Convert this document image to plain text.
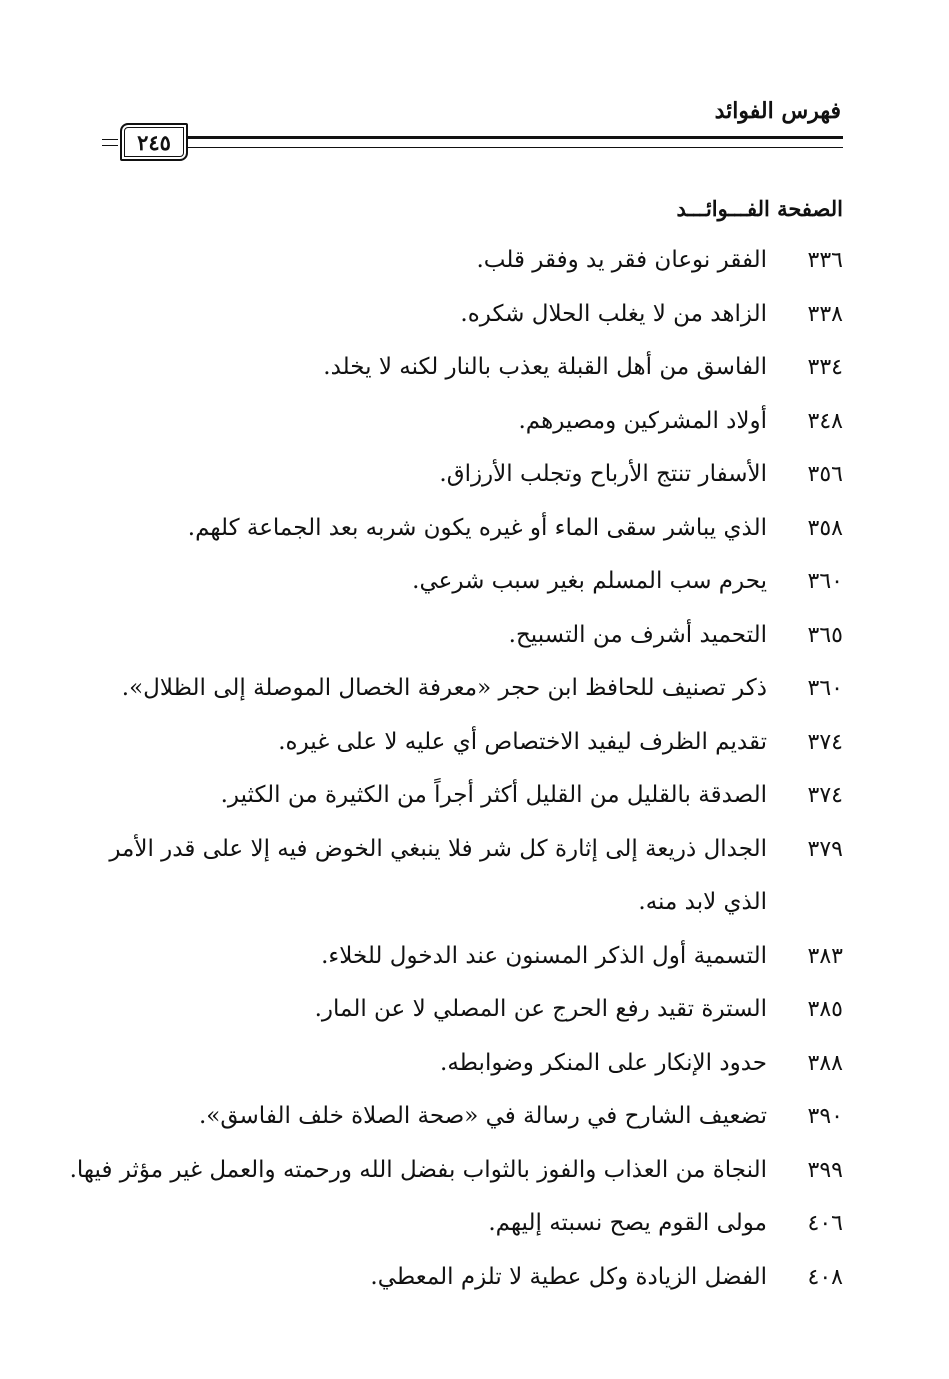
فهرس الفوائد
٢٤٥
الصفحة الفـــوائـــد
٣٣٦
الفقر نوعان فقر يد وفقر قلب.
٣٣٨
الزاهد من لا يغلب الحلال شكره.
٣٣٤
الفاسق من أهل القبلة يعذب بالنار لكنه لا يخلد.
٣٤٨
أولاد المشركين ومصيرهم.
٣٥٦
الأسفار تنتج الأرباح وتجلب الأرزاق.
٣٥٨
الذي يباشر سقى الماء أو غيره يكون شربه بعد الجماعة كلهم.
٣٦٠
يحرم سب المسلم بغير سبب شرعي.
٣٦٥
التحميد أشرف من التسبيح.
٣٦٠
ذكر تصنيف للحافظ ابن حجر «معرفة الخصال الموصلة إلى الظلال».
٣٧٤
تقديم الظرف ليفيد الاختصاص أي عليه لا على غيره.
٣٧٤
الصدقة بالقليل من القليل أكثر أجراً من الكثيرة من الكثير.
٣٧٩
الجدال ذريعة إلى إثارة كل شر فلا ينبغي الخوض فيه إلا على قدر الأمر الذي لابد منه.
٣٨٣
التسمية أول الذكر المسنون عند الدخول للخلاء.
٣٨٥
السترة تقيد رفع الحرج عن المصلي لا عن المار.
٣٨٨
حدود الإنكار على المنكر وضوابطه.
٣٩٠
تضعيف الشارح في رسالة في «صحة الصلاة خلف الفاسق».
٣٩٩
النجاة من العذاب والفوز بالثواب بفضل الله ورحمته والعمل غير مؤثر فيها.
٤٠٦
مولى القوم يصح نسبته إليهم.
٤٠٨
الفضل الزيادة وكل عطية لا تلزم المعطي.
